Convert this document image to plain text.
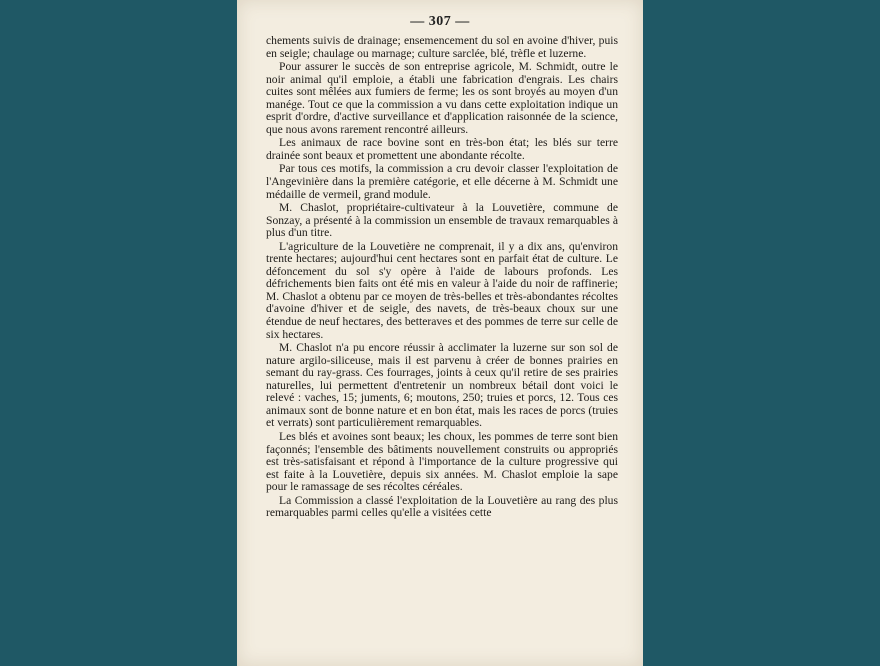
— 307 —

chements suivis de drainage; ensemencement du sol en avoine d'hiver, puis en seigle; chaulage ou marnage; culture sarclée, blé, trèfle et luzerne.

Pour assurer le succès de son entreprise agricole, M. Schmidt, outre le noir animal qu'il emploie, a établi une fabrication d'engrais. Les chairs cuites sont mêlées aux fumiers de ferme; les os sont broyés au moyen d'un manége. Tout ce que la commission a vu dans cette exploitation indique un esprit d'ordre, d'active surveillance et d'application raisonnée de la science, que nous avons rarement rencontré ailleurs.

Les animaux de race bovine sont en très-bon état; les blés sur terre drainée sont beaux et promettent une abondante récolte.

Par tous ces motifs, la commission a cru devoir classer l'exploitation de l'Angevinière dans la première catégorie, et elle décerne à M. Schmidt une médaille de vermeil, grand module.

M. Chaslot, propriétaire-cultivateur à la Louvetière, commune de Sonzay, a présenté à la commission un ensemble de travaux remarquables à plus d'un titre.

L'agriculture de la Louvetière ne comprenait, il y a dix ans, qu'environ trente hectares; aujourd'hui cent hectares sont en parfait état de culture. Le défoncement du sol s'y opère à l'aide de labours profonds. Les défrichements bien faits ont été mis en valeur à l'aide du noir de raffinerie; M. Chaslot a obtenu par ce moyen de très-belles et très-abondantes récoltes d'avoine d'hiver et de seigle, des navets, de très-beaux choux sur une étendue de neuf hectares, des betteraves et des pommes de terre sur celle de six hectares.

M. Chaslot n'a pu encore réussir à acclimater la luzerne sur son sol de nature argilo-siliceuse, mais il est parvenu à créer de bonnes prairies en semant du ray-grass. Ces fourrages, joints à ceux qu'il retire de ses prairies naturelles, lui permettent d'entretenir un nombreux bétail dont voici le relevé : vaches, 15; juments, 6; moutons, 250; truies et porcs, 12. Tous ces animaux sont de bonne nature et en bon état, mais les races de porcs (truies et verrats) sont particulièrement remarquables.

Les blés et avoines sont beaux; les choux, les pommes de terre sont bien façonnés; l'ensemble des bâtiments nouvellement construits ou appropriés est très-satisfaisant et répond à l'importance de la culture progressive qui est faite à la Louvetière, depuis six années. M. Chaslot emploie la sape pour le ramassage de ses récoltes céréales.

La Commission a classé l'exploitation de la Louvetière au rang des plus remarquables parmi celles qu'elle a visitées cette
